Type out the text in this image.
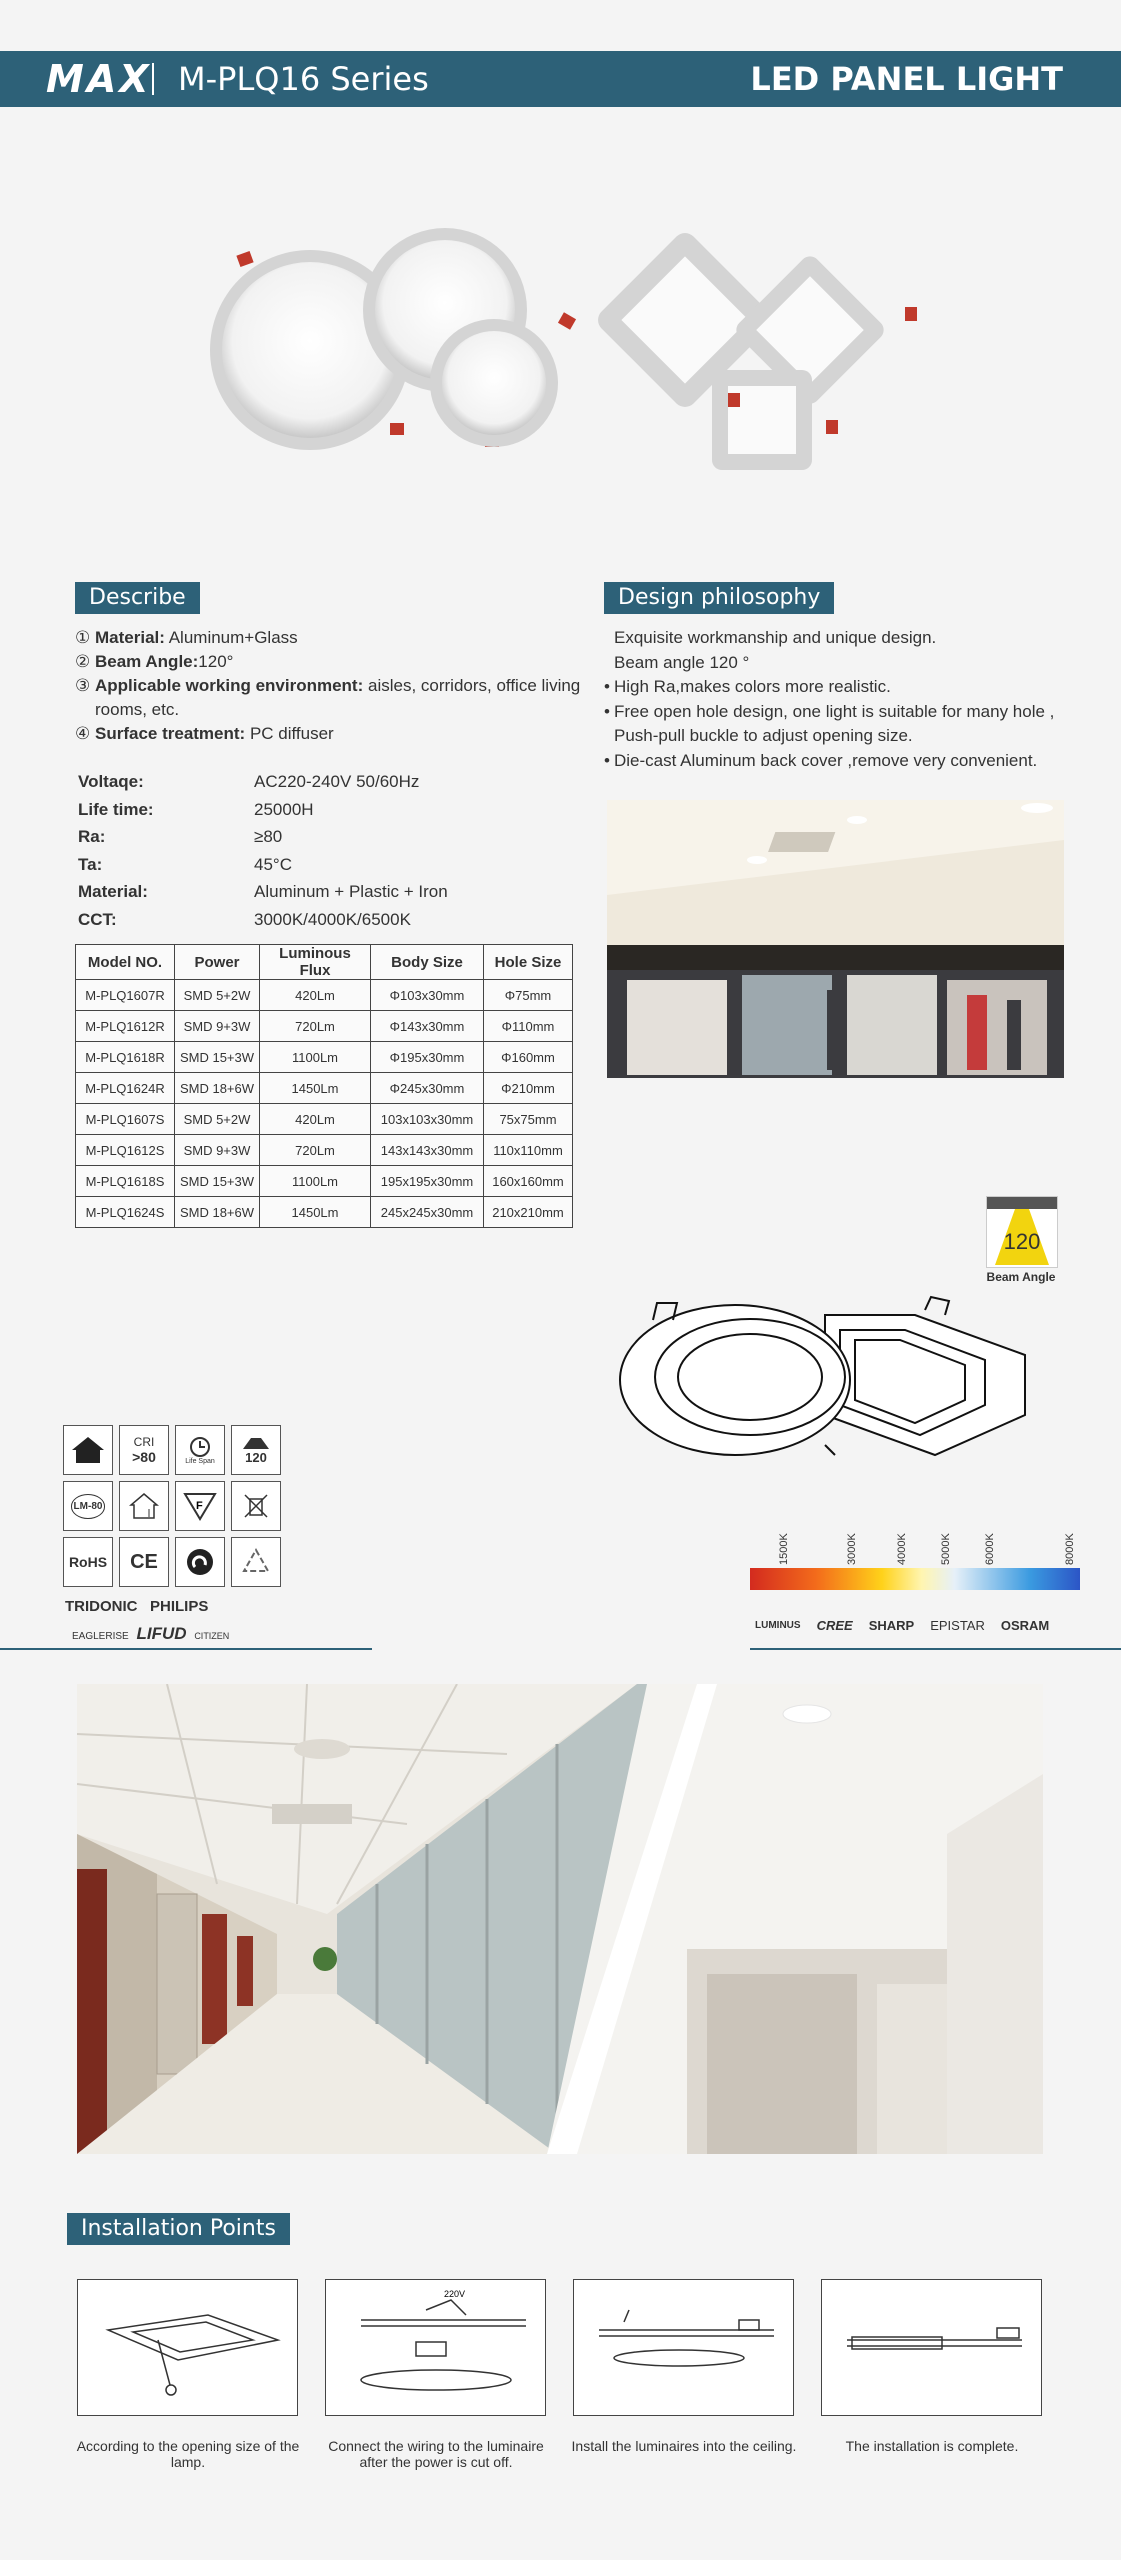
MAX M-PLQ16 Series	LED PANEL LIGHT
Describe
① Material: Aluminum+Glass
② Beam Angle:120°
③ Applicable working environment: aisles, corridors, office living rooms, etc.
④ Surface treatment: PC diffuser
Voltaqe:	AC220-240V 50/60Hz
Life time:	25000H
Ra:	≥80
Ta:	45°C
Material:	Aluminum + Plastic + Iron
CCT:	3000K/4000K/6500K
Model NO.	Power	Luminous Flux	Body Size	Hole Size
M-PLQ1607R	SMD 5+2W	420Lm	Φ103x30mm	Φ75mm
M-PLQ1612R	SMD 9+3W	720Lm	Φ143x30mm	Φ110mm
M-PLQ1618R	SMD 15+3W	1100Lm	Φ195x30mm	Φ160mm
M-PLQ1624R	SMD 18+6W	1450Lm	Φ245x30mm	Φ210mm
M-PLQ1607S	SMD 5+2W	420Lm	103x103x30mm	75x75mm
M-PLQ1612S	SMD 9+3W	720Lm	143x143x30mm	110x110mm
M-PLQ1618S	SMD 15+3W	1100Lm	195x195x30mm	160x160mm
M-PLQ1624S	SMD 18+6W	1450Lm	245x245x30mm	210x210mm
Design philosophy
Exquisite workmanship and unique design.
Beam angle 120 °
• High Ra,makes colors more realistic.
• Free open hole design, one light is suitable for many hole , Push-pull buckle to adjust opening size.
• Die-cast Aluminum back cover ,remove very convenient.
120
Beam Angle
CRI
>80	Life Span 120
LM-80	F
RoHS	CE
TRIDONIC PHILIPS
EAGLERISE LIFUD CITIZEN
1500K	3000K	4000K	5000K	6000K	8000K
LUMINUS CREE SHARP EPISTAR OSRAM
Installation Points
220V
According to the opening size of the lamp.
Connect the wiring to the luminaire after the power is cut off.
Install the luminaires into the ceiling.	The installation is complete.
